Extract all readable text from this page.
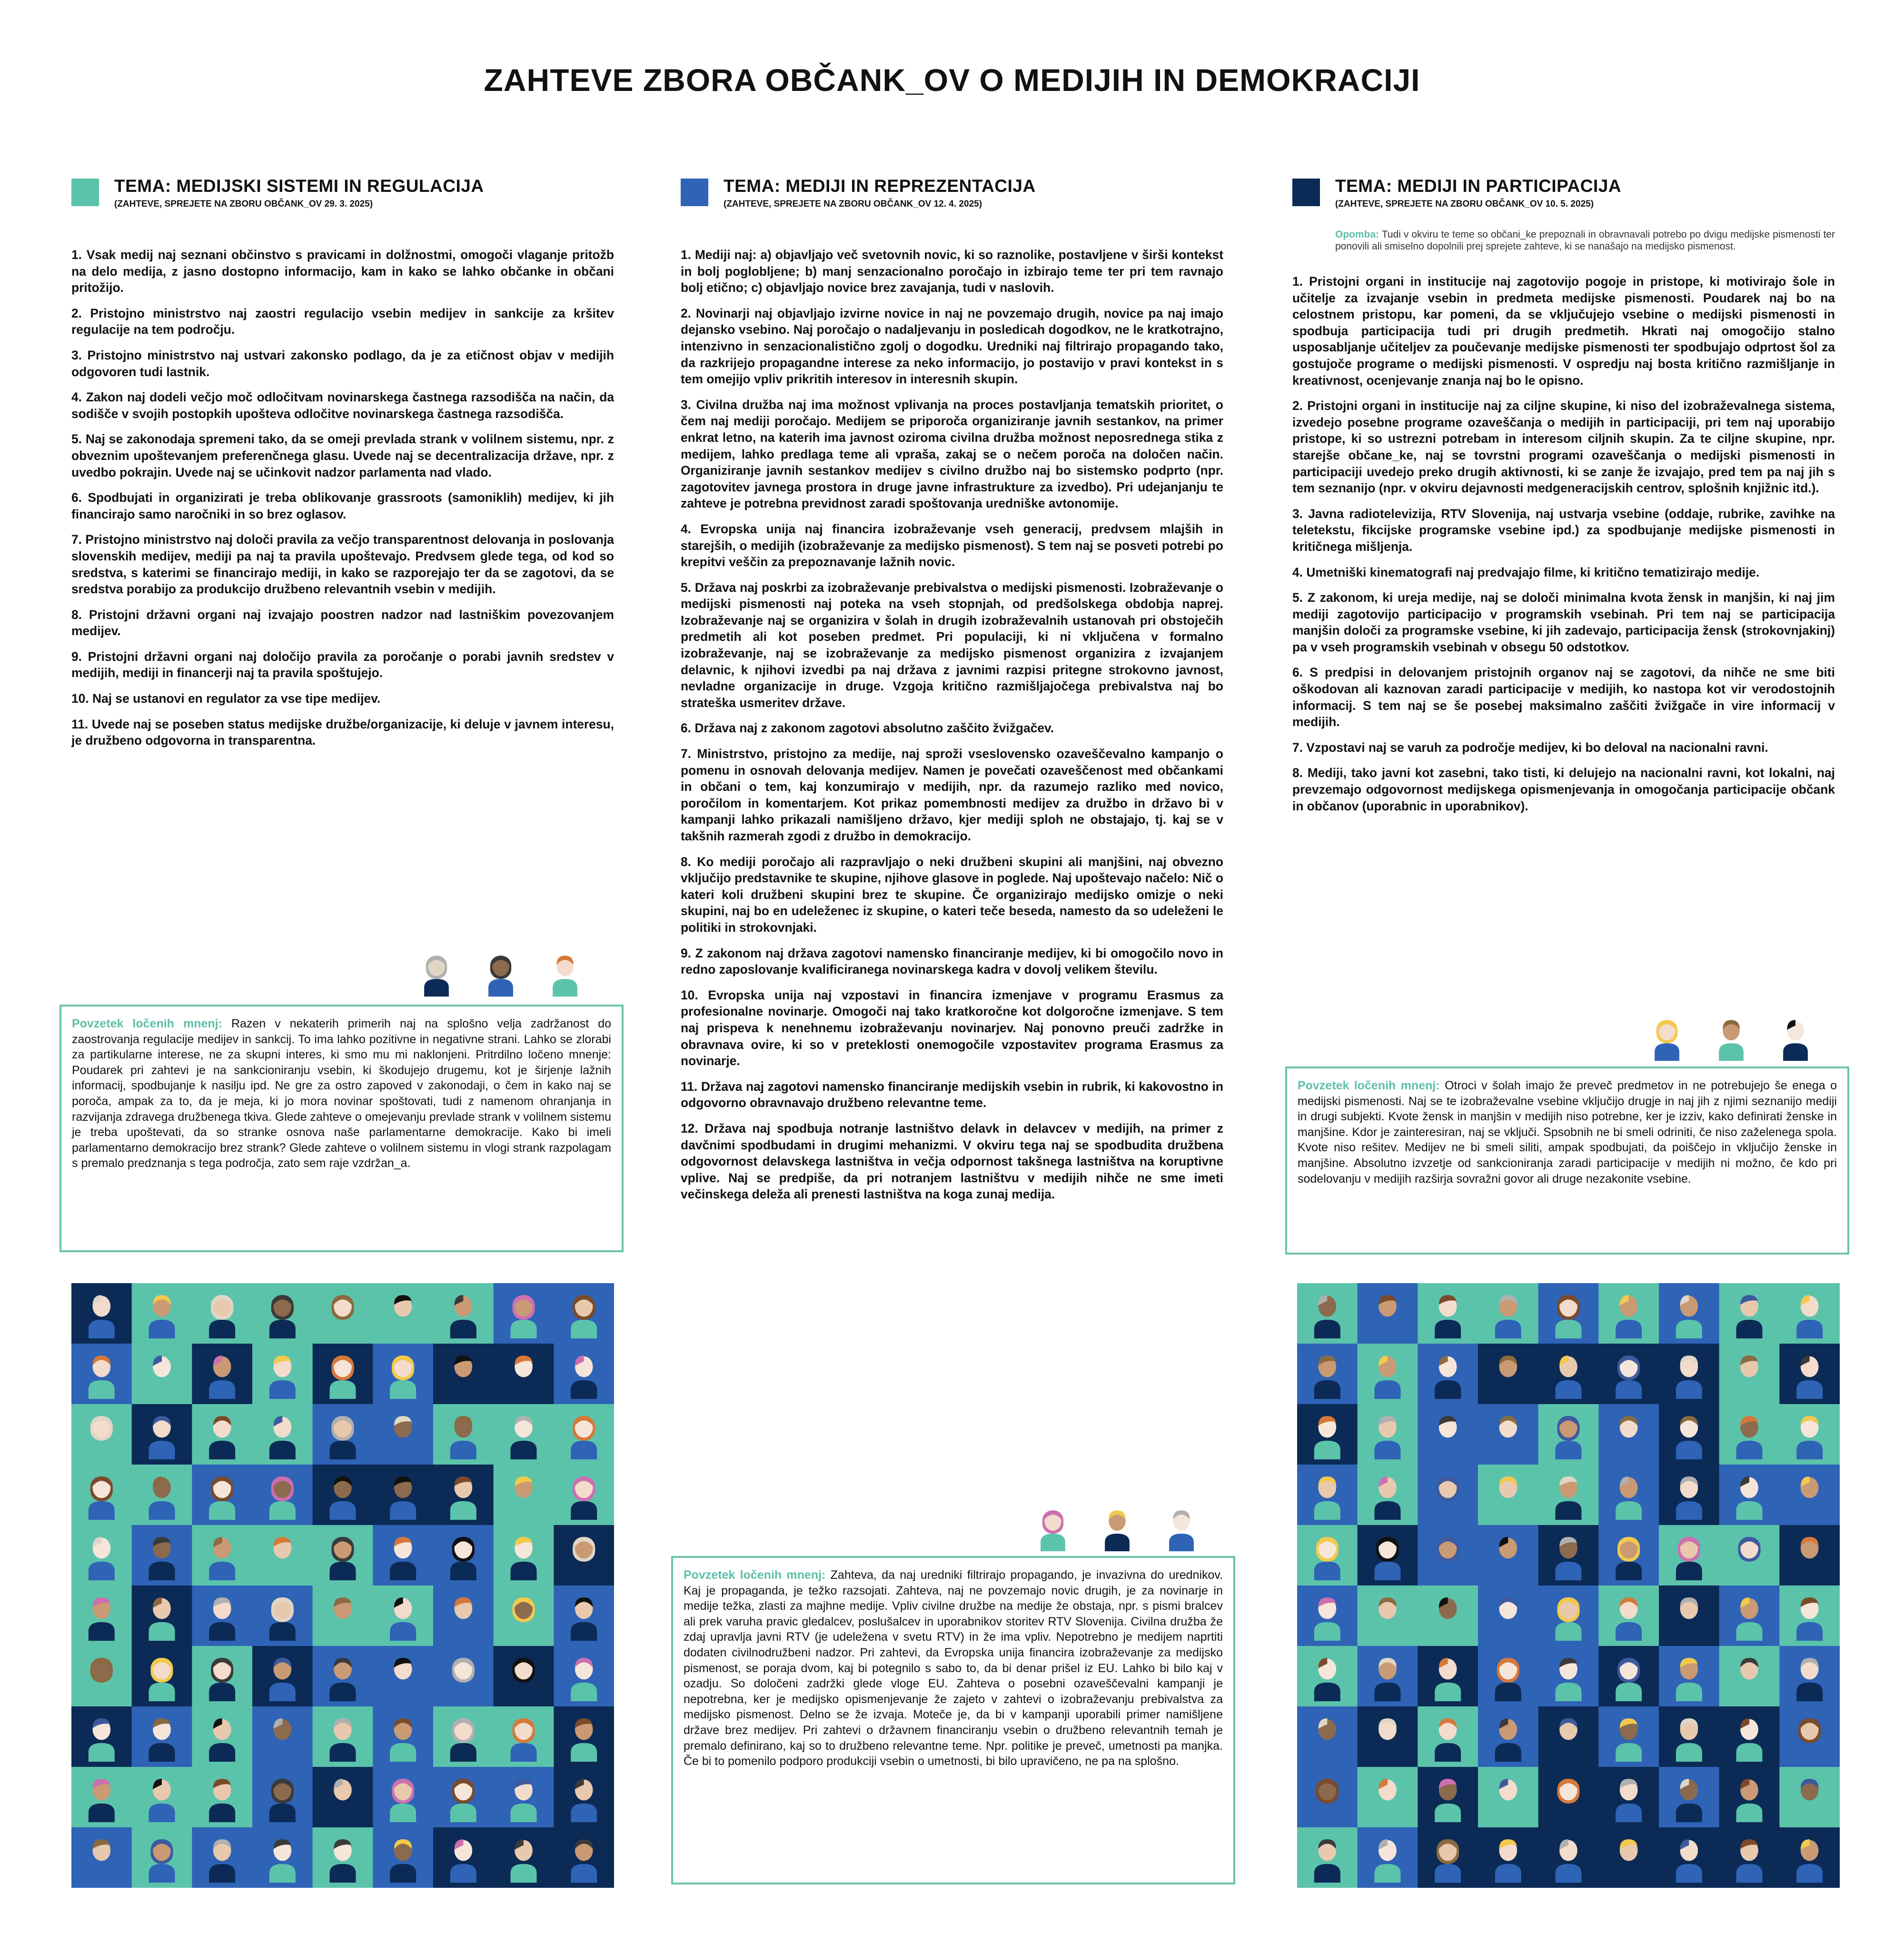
ZAHTEVE ZBORA OBČANK_OV O MEDIJIH IN DEMOKRACIJI
TEMA: MEDIJSKI SISTEMI IN REGULACIJA
(ZAHTEVE, SPREJETE NA ZBORU OBČANK_OV 29. 3. 2025)

1. Vsak medij naj seznani občinstvo s pravicami in dolžnostmi, omogoči vlaganje pritožb na delo medija, z jasno dostopno informacijo, kam in kako se lahko občanke in občani pritožijo.

2. Pristojno ministrstvo naj zaostri regulacijo vsebin medijev in sankcije za kršitev regulacije na tem področju.

3. Pristojno ministrstvo naj ustvari zakonsko podlago, da je za etičnost objav v medijih odgovoren tudi lastnik.

4. Zakon naj dodeli večjo moč odločitvam novinarskega častnega razsodišča na način, da sodišče v svojih postopkih upošteva odločitve novinarskega častnega razsodišča.

5. Naj se zakonodaja spremeni tako, da se omeji prevlada strank v volilnem sistemu, npr. z obveznim upoštevanjem preferenčnega glasu. Uvede naj se decentralizacija države, npr. z uvedbo pokrajin. Uvede naj se učinkovit nadzor parlamenta nad vlado.

6. Spodbujati in organizirati je treba oblikovanje grassroots (samoniklih) medijev, ki jih financirajo samo naročniki in so brez oglasov.

7. Pristojno ministrstvo naj določi pravila za večjo transparentnost delovanja in poslovanja slovenskih medijev, mediji pa naj ta pravila upoštevajo. Predvsem glede tega, od kod so sredstva, s katerimi se financirajo mediji, in kako se razporejajo ter da se zagotovi, da se sredstva porabijo za produkcijo družbeno relevantnih vsebin v medijih.

8. Pristojni državni organi naj izvajajo poostren nadzor nad lastniškim povezovanjem medijev.

9. Pristojni državni organi naj določijo pravila za poročanje o porabi javnih sredstev v medijih, mediji in financerji naj ta pravila spoštujejo.

10. Naj se ustanovi en regulator za vse tipe medijev.

11. Uvede naj se poseben status medijske družbe/organizacije, ki deluje v javnem interesu, je družbeno odgovorna in transparentna.

TEMA: MEDIJI IN REPREZENTACIJA
(ZAHTEVE, SPREJETE NA ZBORU OBČANK_OV 12. 4. 2025)

1. Mediji naj: a) objavljajo več svetovnih novic, ki so raznolike, postavljene v širši kontekst in bolj poglobljene; b) manj senzacionalno poročajo in izbirajo teme ter pri tem ravnajo bolj etično; c) objavljajo novice brez zavajanja, tudi v naslovih.

2. Novinarji naj objavljajo izvirne novice in naj ne povzemajo drugih, novice pa naj imajo dejansko vsebino. Naj poročajo o nadaljevanju in posledicah dogodkov, ne le kratkotrajno, intenzivno in senzacionalistično zgolj o dogodku. Uredniki naj filtrirajo propagando tako, da razkrijejo propagandne interese za neko informacijo, jo postavijo v pravi kontekst in s tem omejijo vpliv prikritih interesov in interesnih skupin.

3. Civilna družba naj ima možnost vplivanja na proces postavljanja tematskih prioritet, o čem naj mediji poročajo. Medijem se priporoča organiziranje javnih sestankov, na primer enkrat letno, na katerih ima javnost oziroma civilna družba možnost neposrednega stika z medijem, lahko predlaga teme ali vpraša, zakaj se o nečem poroča na določen način. Organiziranje javnih sestankov medijev s civilno družbo naj bo sistemsko podprto (npr. zagotovitev javnega prostora in druge javne infrastrukture za izvedbo). Pri udejanjanju te zahteve je potrebna previdnost zaradi spoštovanja uredniške avtonomije.

4. Evropska unija naj financira izobraževanje vseh generacij, predvsem mlajših in starejših, o medijih (izobraževanje za medijsko pismenost). S tem naj se posveti potrebi po krepitvi veščin za prepoznavanje lažnih novic.

5. Država naj poskrbi za izobraževanje prebivalstva o medijski pismenosti. Izobraževanje o medijski pismenosti naj poteka na vseh stopnjah, od predšolskega obdobja naprej. Izobraževanje naj se organizira v šolah in drugih izobraževalnih ustanovah pri obstoječih predmetih ali kot poseben predmet. Pri populaciji, ki ni vključena v formalno izobraževanje, naj se izobraževanje za medijsko pismenost organizira z izvajanjem delavnic, k njihovi izvedbi pa naj država z javnimi razpisi pritegne strokovno javnost, nevladne organizacije in druge. Vzgoja kritično razmišljajočega prebivalstva naj bo strateška usmeritev države.

6. Država naj z zakonom zagotovi absolutno zaščito žvižgačev.

7. Ministrstvo, pristojno za medije, naj sproži vseslovensko ozaveščevalno kampanjo o pomenu in osnovah delovanja medijev. Namen je povečati ozaveščenost med občankami in občani o tem, kaj konzumirajo v medijih, npr. da razumejo razliko med novico, poročilom in komentarjem. Kot prikaz pomembnosti medijev za družbo in državo bi v kampanji lahko prikazali namišljeno državo, kjer mediji sploh ne obstajajo, tj. kaj se v takšnih razmerah zgodi z družbo in demokracijo.

8. Ko mediji poročajo ali razpravljajo o neki družbeni skupini ali manjšini, naj obvezno vključijo predstavnike te skupine, njihove glasove in poglede. Naj upoštevajo načelo: Nič o kateri koli družbeni skupini brez te skupine. Če organizirajo medijsko omizje o neki skupini, naj bo en udeleženec iz skupine, o kateri teče beseda, namesto da so udeleženi le politiki in strokovnjaki.

9. Z zakonom naj država zagotovi namensko financiranje medijev, ki bi omogočilo novo in redno zaposlovanje kvalificiranega novinarskega kadra v dovolj velikem številu.

10. Evropska unija naj vzpostavi in financira izmenjave v programu Erasmus za profesionalne novinarje. Omogoči naj tako kratkoročne kot dolgoročne izmenjave. S tem naj prispeva k nenehnemu izobraževanju novinarjev. Naj ponovno preuči zadržke in obravnava ovire, ki so v preteklosti onemogočile vzpostavitev programa Erasmus za novinarje.

11. Država naj zagotovi namensko financiranje medijskih vsebin in rubrik, ki kakovostno in odgovorno obravnavajo družbeno relevantne teme.

12. Država naj spodbuja notranje lastništvo delavk in delavcev v medijih, na primer z davčnimi spodbudami in drugimi mehanizmi. V okviru tega naj se spodbudita družbena odgovornost delavskega lastništva in večja odpornost takšnega lastništva na koruptivne vplive. Naj se predpiše, da pri notranjem lastništvu v medijih nihče ne sme imeti večinskega deleža ali prenesti lastništva na koga zunaj medija.

TEMA: MEDIJI IN PARTICIPACIJA
(ZAHTEVE, SPREJETE NA ZBORU OBČANK_OV 10. 5. 2025)
Opomba: Tudi v okviru te teme so občani_ke prepoznali in obravnavali potrebo po dvigu medijske pismenosti ter ponovili ali smiselno dopolnili prej sprejete zahteve, ki se nanašajo na medijsko pismenost.

1. Pristojni organi in institucije naj zagotovijo pogoje in pristope, ki motivirajo šole in učitelje za izvajanje vsebin in predmeta medijske pismenosti. Poudarek naj bo na celostnem pristopu, kar pomeni, da se vključujejo vsebine o medijski pismenosti in spodbuja participacija tudi pri drugih predmetih. Hkrati naj omogočijo stalno usposabljanje učiteljev za poučevanje medijske pismenosti ter spodbujajo odprtost šol za gostujoče programe o medijski pismenosti. V ospredju naj bosta kritično razmišljanje in kreativnost, ocenjevanje znanja naj bo le opisno.

2. Pristojni organi in institucije naj za ciljne skupine, ki niso del izobraževalnega sistema, izvedejo posebne programe ozaveščanja o medijih in participaciji, pri tem naj uporabijo pristope, ki so ustrezni potrebam in interesom ciljnih skupin. Za te ciljne skupine, npr. starejše občane_ke, naj se tovrstni programi ozaveščanja o medijski pismenosti in participaciji uvedejo preko drugih aktivnosti, ki se zanje že izvajajo, pred tem pa naj jih s tem seznanijo (npr. v okviru dejavnosti medgeneracijskih centrov, splošnih knjižnic itd.).

3. Javna radiotelevizija, RTV Slovenija, naj ustvarja vsebine (oddaje, rubrike, zavihke na teletekstu, fikcijske programske vsebine ipd.) za spodbujanje medijske pismenosti in kritičnega mišljenja.

4. Umetniški kinematografi naj predvajajo filme, ki kritično tematizirajo medije.

5. Z zakonom, ki ureja medije, naj se določi minimalna kvota žensk in manjšin, ki naj jim mediji zagotovijo participacijo v programskih vsebinah. Pri tem naj se participacija manjšin določi za programske vsebine, ki jih zadevajo, participacija žensk (strokovnjakinj) pa v vseh programskih vsebinah v obsegu 50 odstotkov.

6. S predpisi in delovanjem pristojnih organov naj se zagotovi, da nihče ne sme biti oškodovan ali kaznovan zaradi participacije v medijih, ko nastopa kot vir verodostojnih informacij. S tem naj se še posebej maksimalno zaščiti žvižgače in vire informacij v medijih.

7. Vzpostavi naj se varuh za področje medijev, ki bo deloval na nacionalni ravni.

8. Mediji, tako javni kot zasebni, tako tisti, ki delujejo na nacionalni ravni, kot lokalni, naj prevzemajo odgovornost medijskega opismenjevanja in omogočanja participacije občank in občanov (uporabnic in uporabnikov).

Povzetek ločenih mnenj: Razen v nekaterih primerih naj na splošno velja zadržanost do zaostrovanja regulacije medijev in sankcij. To ima lahko pozitivne in negativne strani. Lahko se zlorabi za partikularne interese, ne za skupni interes, ki smo mu mi naklonjeni. Pritrdilno ločeno mnenje: Poudarek pri zahtevi je na sankcioniranju vsebin, ki škodujejo drugemu, kot je širjenje lažnih informacij, spodbujanje k nasilju ipd. Ne gre za ostro zapoved v zakonodaji, o čem in kako naj se poroča, ampak za to, da je meja, ki jo mora novinar spoštovati, tudi z namenom ohranjanja in razvijanja zdravega družbenega tkiva. Glede zahteve o omejevanju prevlade strank v volilnem sistemu je treba upoštevati, da so stranke osnova naše parlamentarne demokracije. Kako bi imeli parlamentarno demokracijo brez strank? Glede zahteve o volilnem sistemu in vlogi strank razpolagam s premalo predznanja s tega področja, zato sem raje vzdržan_a.
Povzetek ločenih mnenj: Zahteva, da naj uredniki filtrirajo propagando, je invazivna do urednikov. Kaj je propaganda, je težko razsojati. Zahteva, naj ne povzemajo novic drugih, je za novinarje in medije težka, zlasti za majhne medije. Vpliv civilne družbe na medije že obstaja, npr. s pismi bralcev ali prek varuha pravic gledalcev, poslušalcev in uporabnikov storitev RTV Slovenija. Civilna družba že zdaj upravlja javni RTV (je udeležena v svetu RTV) in že ima vpliv. Nepotrebno je medijem naprtiti dodaten civilnodružbeni nadzor. Pri zahtevi, da Evropska unija financira izobraževanje za medijsko pismenost, se poraja dvom, kaj bi potegnilo s sabo to, da bi denar prišel iz EU. Lahko bi bilo kaj v ozadju. So določeni zadržki glede vloge EU. Zahteva o posebni ozaveščevalni kampanji je nepotrebna, ker je medijsko opismenjevanje že zajeto v zahtevi o izobraževanju prebivalstva za medijsko pismenost. Delno se že izvaja. Moteče je, da bi v kampanji uporabili primer namišljene države brez medijev. Pri zahtevi o državnem financiranju vsebin o družbeno relevantnih temah je premalo definirano, kaj so to družbeno relevantne teme. Npr. politike je preveč, umetnosti pa manjka. Če bi to pomenilo podporo produkciji vsebin o umetnosti, bi bilo upravičeno, ne pa na splošno.
Povzetek ločenih mnenj: Otroci v šolah imajo že preveč predmetov in ne potrebujejo še enega o medijski pismenosti. Naj se te izobraževalne vsebine vključijo drugje in naj jih z njimi seznanijo mediji in drugi subjekti. Kvote žensk in manjšin v medijih niso potrebne, ker je izziv, kako definirati ženske in manjšine. Kdor je zainteresiran, naj se vključi. Spsobnih ne bi smeli odriniti, če niso zaželenega spola. Kvote niso rešitev. Medijev ne bi smeli siliti, ampak spodbujati, da poiščejo in vključijo ženske in manjšine. Absolutno izvzetje od sankcioniranja zaradi participacije v medijih ni možno, če kdo pri sodelovanju v medijih razširja sovražni govor ali druge nezakonite vsebine.
